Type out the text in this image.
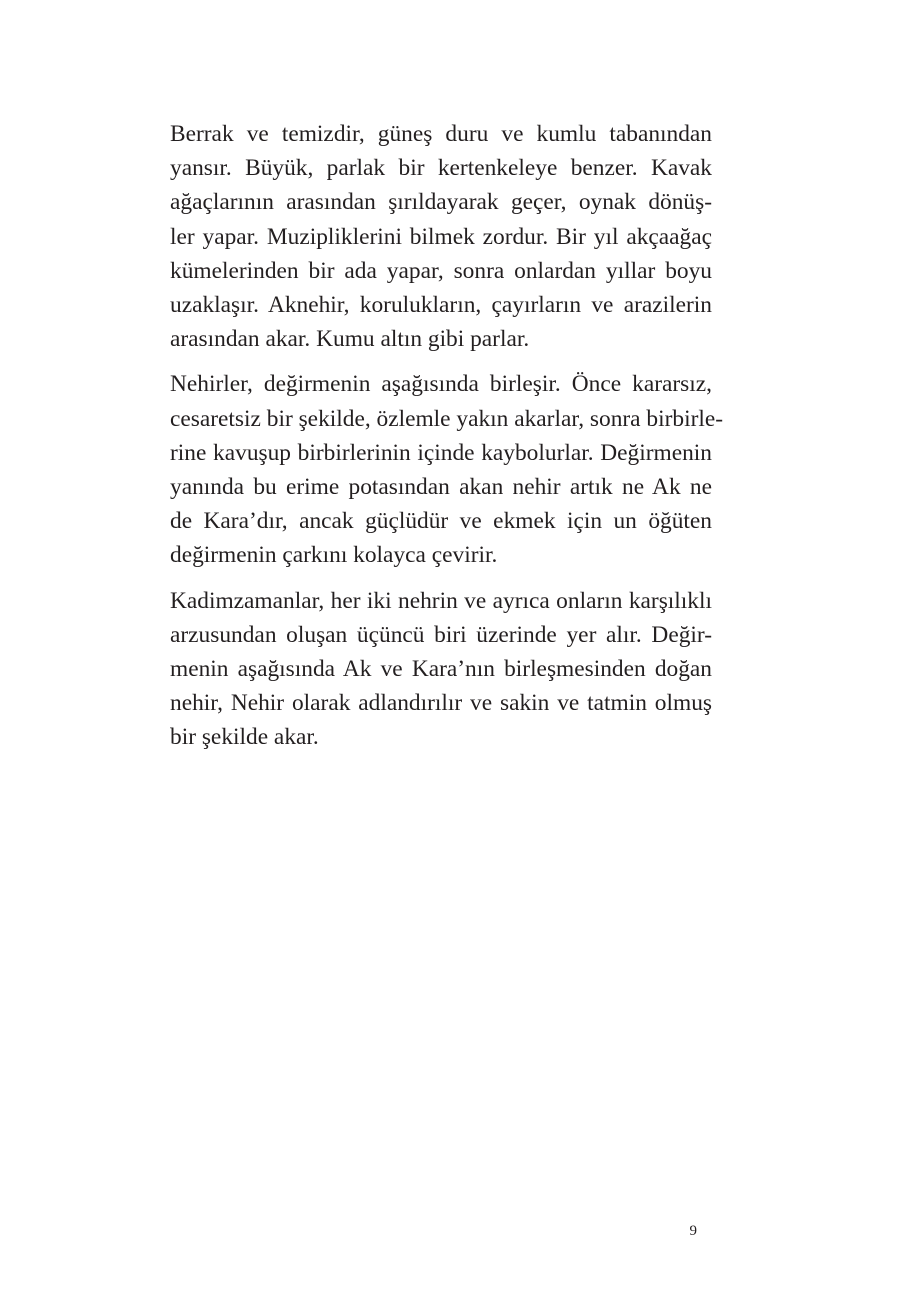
Berrak ve temizdir, güneş duru ve kumlu tabanından
yansır. Büyük, parlak bir kertenkeleye benzer. Kavak
ağaçlarının arasından şırıldayarak geçer, oynak dönüş-
ler yapar. Muzipliklerini bilmek zordur. Bir yıl akçaağaç
kümelerinden bir ada yapar, sonra onlardan yıllar boyu
uzaklaşır. Aknehir, korulukların, çayırların ve arazilerin
arasından akar. Kumu altın gibi parlar.

Nehirler, değirmenin aşağısında birleşir. Önce kararsız,
cesaretsiz bir şekilde, özlemle yakın akarlar, sonra birbirle-
rine kavuşup birbirlerinin içinde kaybolurlar. Değirmenin
yanında bu erime potasından akan nehir artık ne Ak ne
de Kara’dır, ancak güçlüdür ve ekmek için un öğüten
değirmenin çarkını kolayca çevirir.

Kadimzamanlar, her iki nehrin ve ayrıca onların karşılıklı
arzusundan oluşan üçüncü biri üzerinde yer alır. Değir-
menin aşağısında Ak ve Kara’nın birleşmesinden doğan
nehir, Nehir olarak adlandırılır ve sakin ve tatmin olmuş
bir şekilde akar.

9
